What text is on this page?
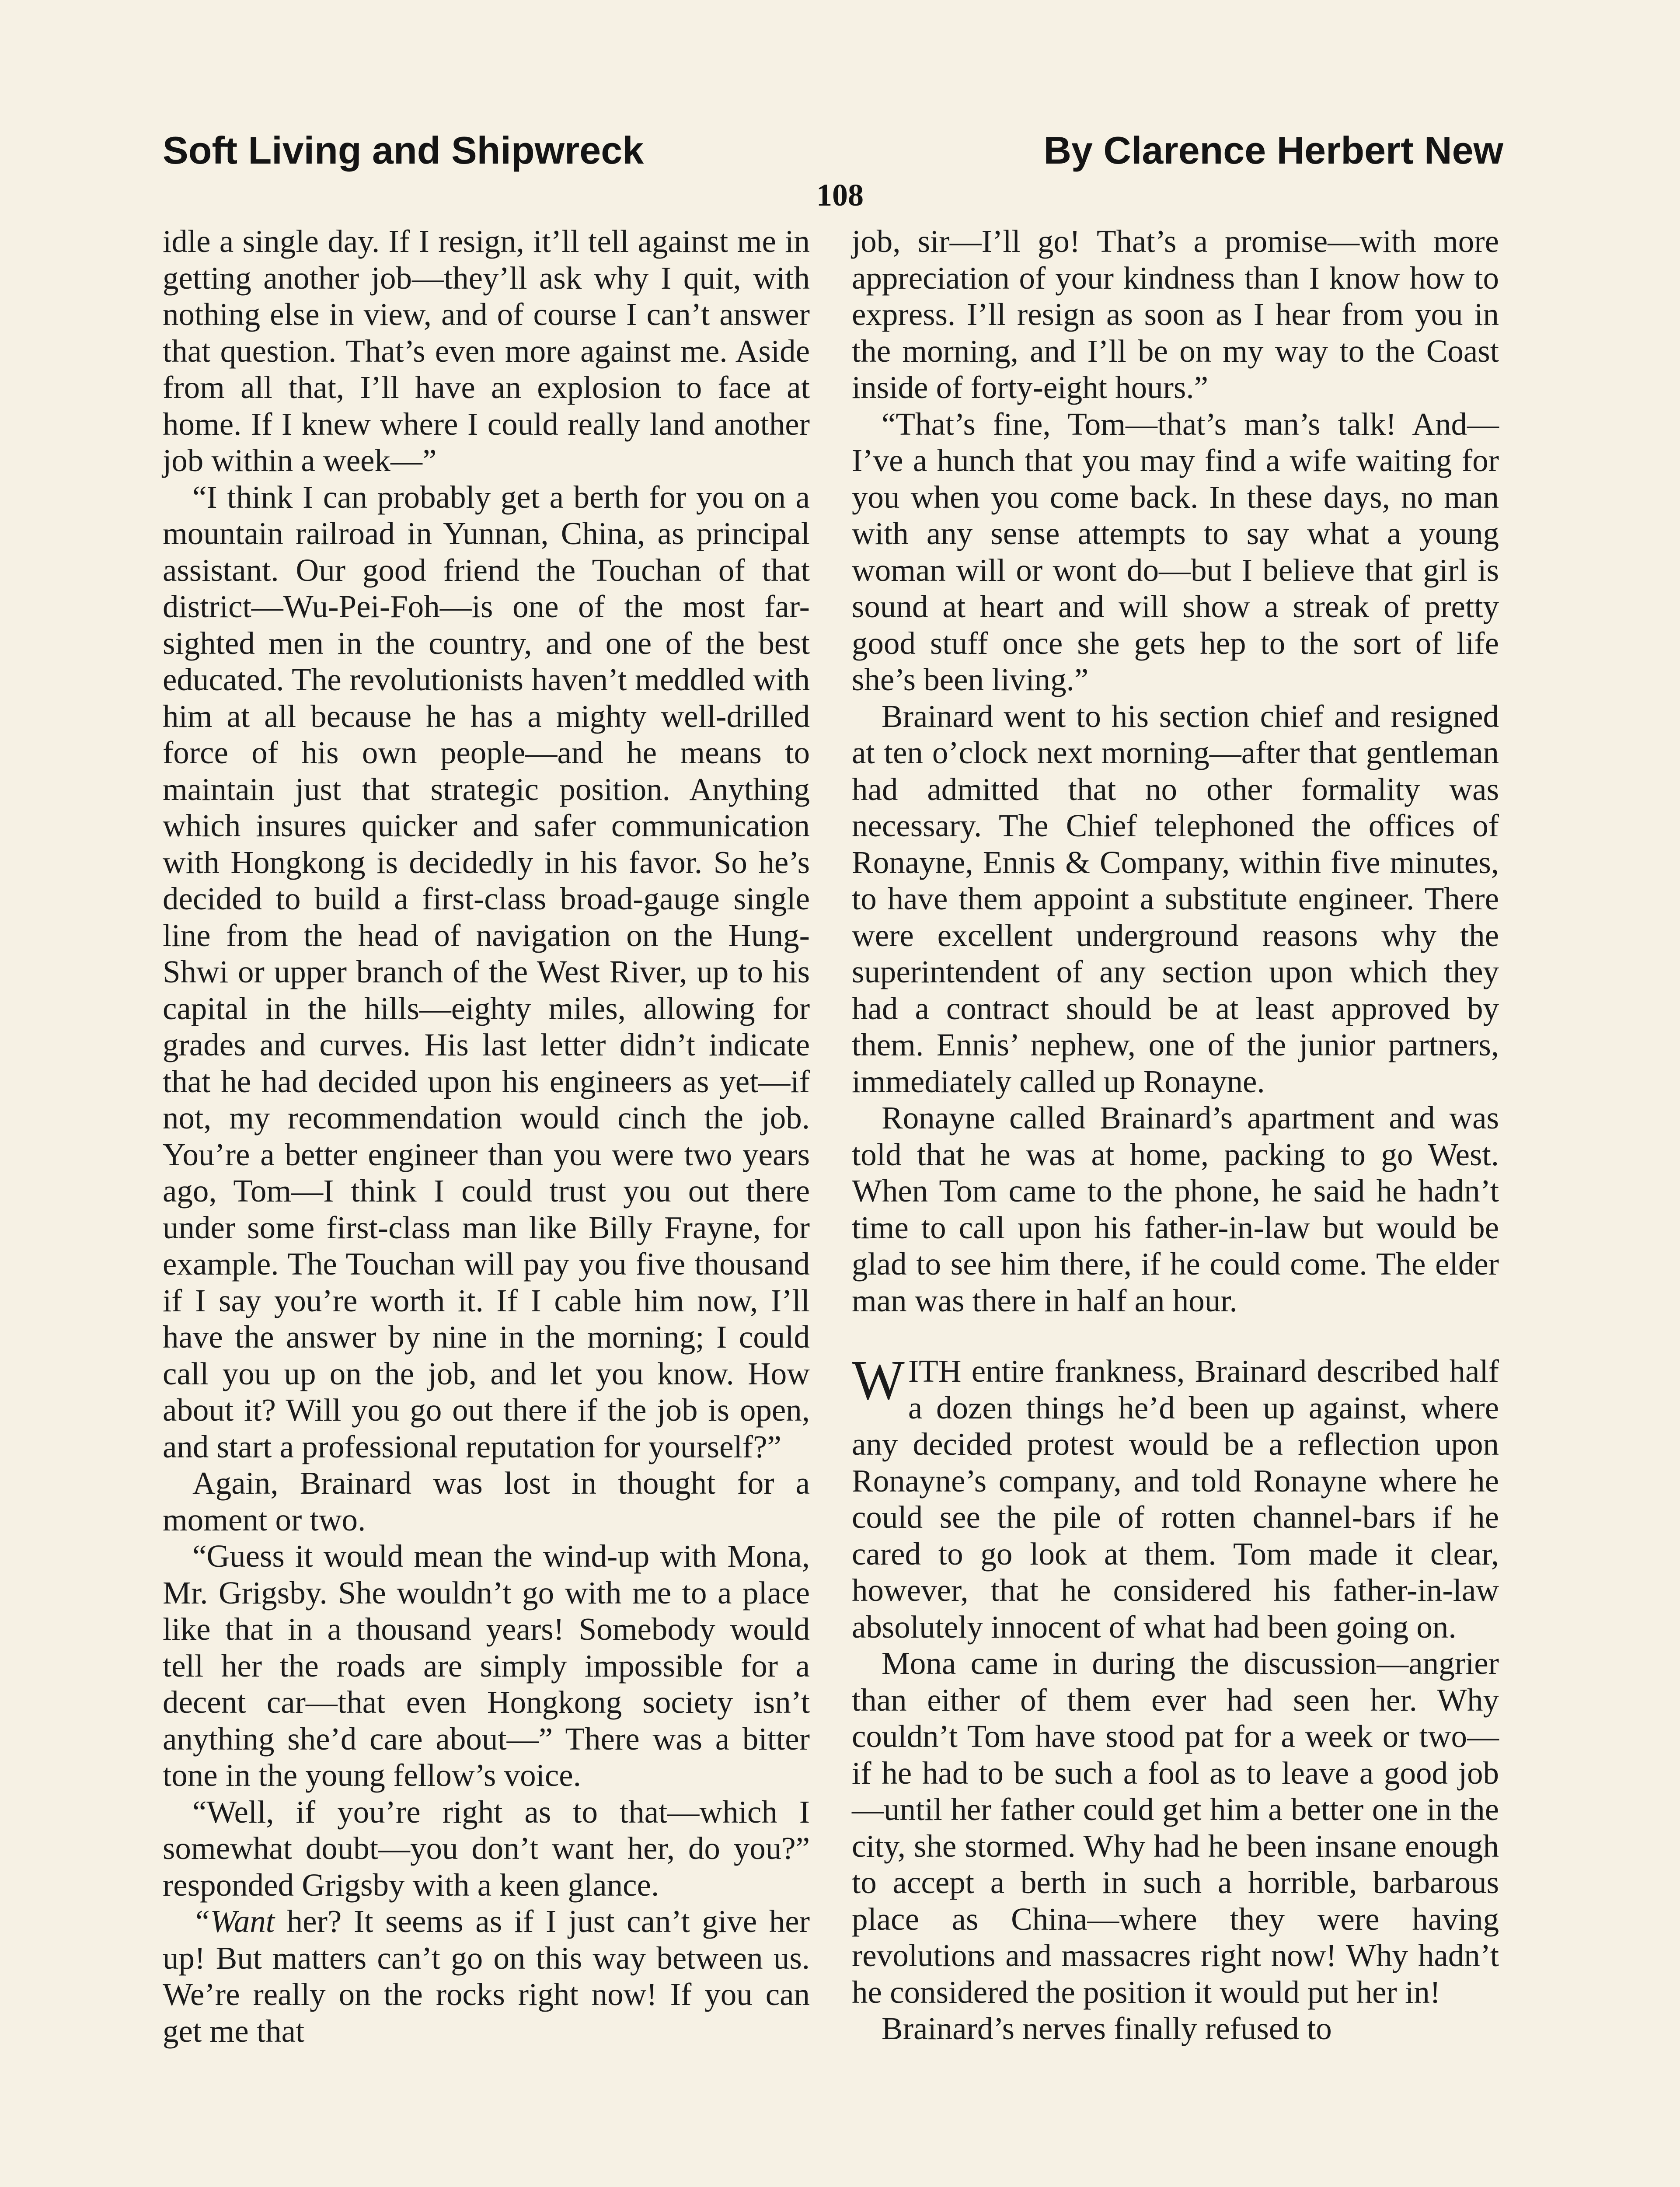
Soft Living and Shipwreck	By Clarence Herbert New
108

idle a single day. If I resign, it’ll tell against me in getting another job—they’ll ask why I quit, with nothing else in view, and of course I can’t answer that question. That’s even more against me. Aside from all that, I’ll have an explosion to face at home. If I knew where I could really land another job within a week—”

“I think I can probably get a berth for you on a mountain railroad in Yunnan, China, as principal assistant. Our good friend the Touchan of that district—Wu-Pei-Foh—is one of the most far-sighted men in the country, and one of the best educated. The revolutionists haven’t meddled with him at all because he has a mighty well-drilled force of his own people—and he means to maintain just that strategic position. Anything which insures quicker and safer communication with Hongkong is decidedly in his favor. So he’s decided to build a first-class broad-gauge single line from the head of navigation on the Hung-Shwi or upper branch of the West River, up to his capital in the hills—eighty miles, allowing for grades and curves. His last letter didn’t indicate that he had decided upon his engineers as yet—if not, my recommendation would cinch the job. You’re a better engineer than you were two years ago, Tom—I think I could trust you out there under some first-class man like Billy Frayne, for example. The Touchan will pay you five thousand if I say you’re worth it. If I cable him now, I’ll have the answer by nine in the morning; I could call you up on the job, and let you know. How about it? Will you go out there if the job is open, and start a professional reputation for yourself?”

Again, Brainard was lost in thought for a moment or two.

“Guess it would mean the wind-up with Mona, Mr. Grigsby. She wouldn’t go with me to a place like that in a thousand years! Somebody would tell her the roads are simply impossible for a decent car—that even Hongkong society isn’t anything she’d care about—” There was a bitter tone in the young fellow’s voice.

“Well, if you’re right as to that—which I somewhat doubt—you don’t want her, do you?” responded Grigsby with a keen glance.

“Want her? It seems as if I just can’t give her up! But matters can’t go on this way between us. We’re really on the rocks right now! If you can get me that

job, sir—I’ll go! That’s a promise—with more appreciation of your kindness than I know how to express. I’ll resign as soon as I hear from you in the morning, and I’ll be on my way to the Coast inside of forty-eight hours.”

“That’s fine, Tom—that’s man’s talk! And—I’ve a hunch that you may find a wife waiting for you when you come back. In these days, no man with any sense attempts to say what a young woman will or wont do—but I believe that girl is sound at heart and will show a streak of pretty good stuff once she gets hep to the sort of life she’s been living.”

Brainard went to his section chief and resigned at ten o’clock next morning—after that gentleman had admitted that no other formality was necessary. The Chief telephoned the offices of Ronayne, Ennis & Company, within five minutes, to have them appoint a substitute engineer. There were excellent underground reasons why the superintendent of any section upon which they had a contract should be at least approved by them. Ennis’ nephew, one of the junior partners, immediately called up Ronayne.

Ronayne called Brainard’s apartment and was told that he was at home, packing to go West. When Tom came to the phone, he said he hadn’t time to call upon his father-in-law but would be glad to see him there, if he could come. The elder man was there in half an hour.

WITH entire frankness, Brainard described half a dozen things he’d been up against, where any decided protest would be a reflection upon Ronayne’s company, and told Ronayne where he could see the pile of rotten channel-bars if he cared to go look at them. Tom made it clear, however, that he considered his father-in-law absolutely innocent of what had been going on.

Mona came in during the discussion—angrier than either of them ever had seen her. Why couldn’t Tom have stood pat for a week or two—if he had to be such a fool as to leave a good job—until her father could get him a better one in the city, she stormed. Why had he been insane enough to accept a berth in such a horrible, barbarous place as China—where they were having revolutions and massacres right now! Why hadn’t he considered the position it would put her in!

Brainard’s nerves finally refused to
